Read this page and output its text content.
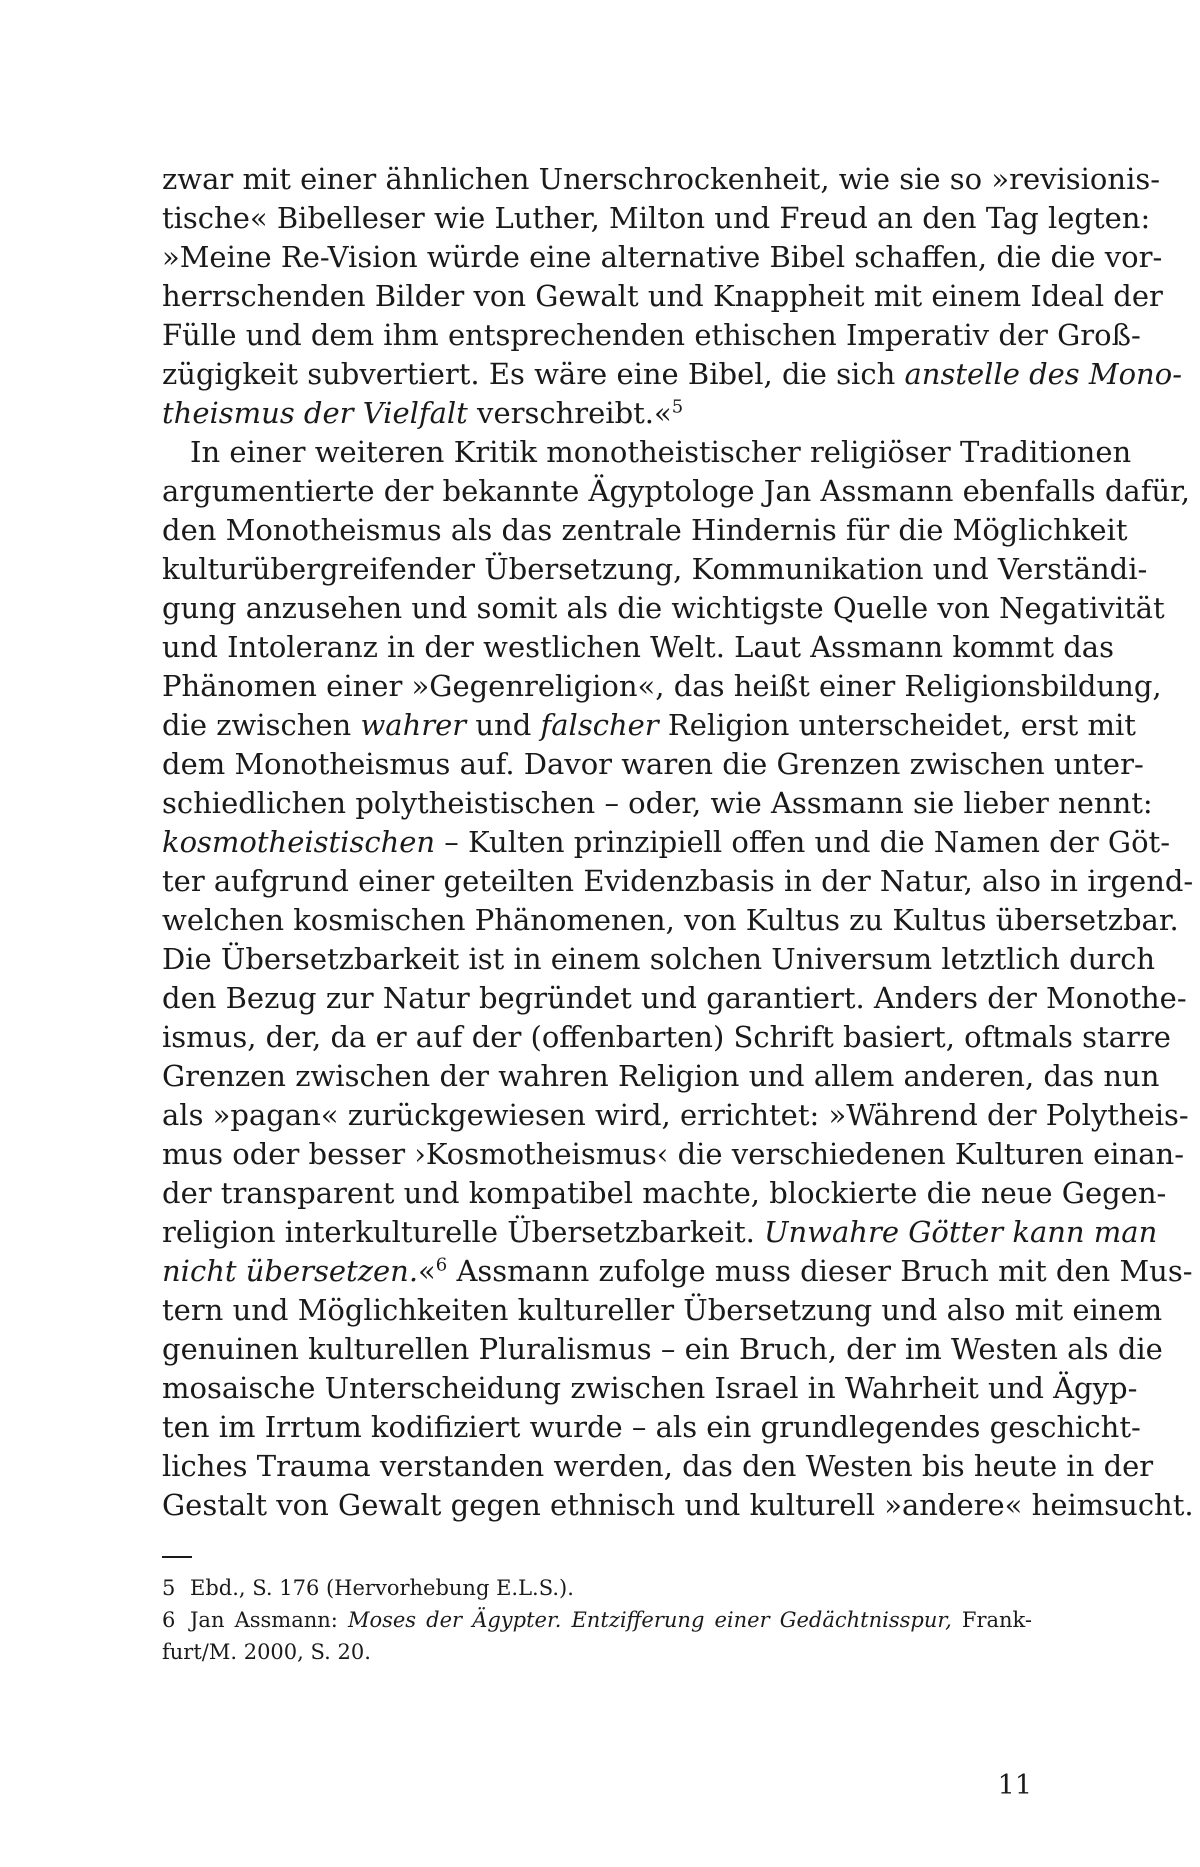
zwar mit einer ähnlichen Unerschrockenheit, wie sie so »revisionis-
tische« Bibelleser wie Luther, Milton und Freud an den Tag legten:
»Meine Re-Vision würde eine alternative Bibel schaffen, die die vor-
herrschenden Bilder von Gewalt und Knappheit mit einem Ideal der
Fülle und dem ihm entsprechenden ethischen Imperativ der Groß-
zügigkeit subvertiert. Es wäre eine Bibel, die sich anstelle des Mono-
theismus der Vielfalt verschreibt.«$^5$
In einer weiteren Kritik monotheistischer religiöser Traditionen
argumentierte der bekannte Ägyptologe Jan Assmann ebenfalls dafür,
den Monotheismus als das zentrale Hindernis für die Möglichkeit
kulturübergreifender Übersetzung, Kommunikation und Verständi-
gung anzusehen und somit als die wichtigste Quelle von Negativität
und Intoleranz in der westlichen Welt. Laut Assmann kommt das
Phänomen einer »Gegenreligion«, das heißt einer Religionsbildung,
die zwischen wahrer und falscher Religion unterscheidet, erst mit
dem Monotheismus auf. Davor waren die Grenzen zwischen unter-
schiedlichen polytheistischen – oder, wie Assmann sie lieber nennt:
kosmotheistischen – Kulten prinzipiell offen und die Namen der Göt-
ter aufgrund einer geteilten Evidenzbasis in der Natur, also in irgend-
welchen kosmischen Phänomenen, von Kultus zu Kultus übersetzbar.
Die Übersetzbarkeit ist in einem solchen Universum letztlich durch
den Bezug zur Natur begründet und garantiert. Anders der Monothe-
ismus, der, da er auf der (offenbarten) Schrift basiert, oftmals starre
Grenzen zwischen der wahren Religion und allem anderen, das nun
als »pagan« zurückgewiesen wird, errichtet: »Während der Polytheis-
mus oder besser ›Kosmotheismus‹ die verschiedenen Kulturen einan-
der transparent und kompatibel machte, blockierte die neue Gegen-
religion interkulturelle Übersetzbarkeit. Unwahre Götter kann man
nicht übersetzen.«$^6$ Assmann zufolge muss dieser Bruch mit den Mus-
tern und Möglichkeiten kultureller Übersetzung und also mit einem
genuinen kulturellen Pluralismus – ein Bruch, der im Westen als die
mosaische Unterscheidung zwischen Israel in Wahrheit und Ägyp-
ten im Irrtum kodifiziert wurde – als ein grundlegendes geschicht-
liches Trauma verstanden werden, das den Westen bis heute in der
Gestalt von Gewalt gegen ethnisch und kulturell »andere« heimsucht.
5 Ebd., S. 176 (Hervorhebung E.L.S.).
6 Jan Assmann: Moses der Ägypter. Entzifferung einer Gedächtnisspur, Frank-
furt/M. 2000, S. 20.
11
